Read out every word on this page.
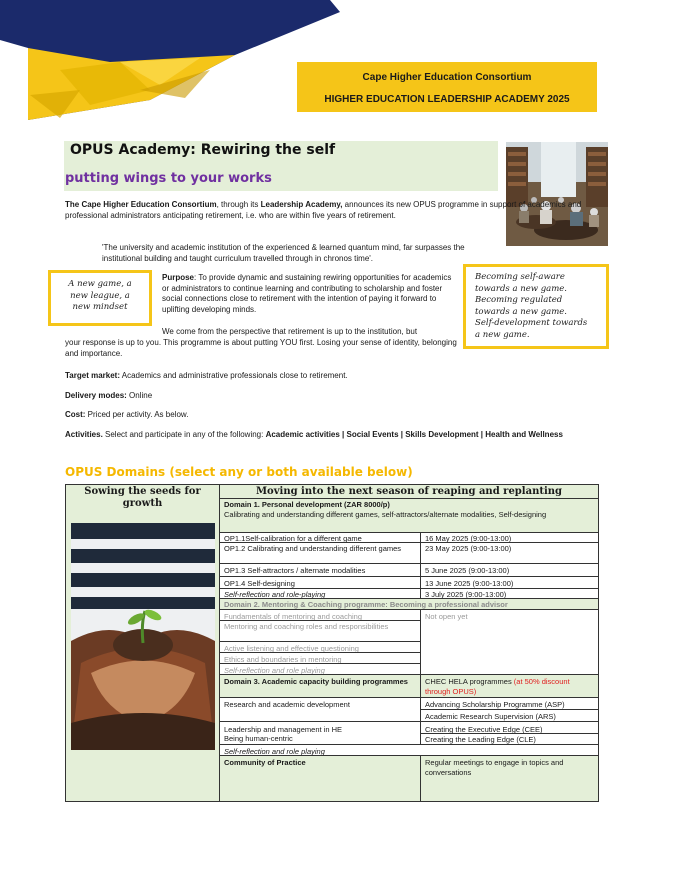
Cape Higher Education Consortium
HIGHER EDUCATION LEADERSHIP ACADEMY 2025
OPUS Academy: Rewiring the self
putting wings to your works
The Cape Higher Education Consortium, through its Leadership Academy, announces its new OPUS programme in support of academics and professional administrators anticipating retirement, i.e. who are within five years of retirement.
'The university and academic institution of the experienced & learned quantum mind, far surpasses the institutional building and taught curriculum travelled through in chronos time'.
A new game, a
new league, a
new mindset
Purpose: To provide dynamic and sustaining rewiring opportunities for academics or administrators to continue learning and contributing to scholarship and foster social connections close to retirement with the intention of paying it forward to uplifting developing minds.
Becoming self-aware
towards a new game.
Becoming regulated
towards a new game.
Self-development towards
a new game.
We come from the perspective that retirement is up to the institution, but
your response is up to you. This programme is about putting YOU first. Losing your sense of identity, belonging and importance.
Target market: Academics and administrative professionals close to retirement.
Delivery modes: Online
Cost: Priced per activity. As below.
Activities. Select and participate in any of the following: Academic activities | Social Events | Skills Development | Health and Wellness
OPUS Domains (select any or both available below)
Sowing the seeds for growth
Moving into the next season of reaping and replanting
Domain 1. Personal development (ZAR 8000/p)
Calibrating and understanding different games, self-attractors/alternate modalities, Self-designing
OP1.1Self-calibration for a different game	16 May 2025 (9:00-13:00)
OP1.2 Calibrating and understanding different games	23 May 2025 (9:00-13:00)
OP1.3 Self-attractors / alternate modalities	5 June 2025 (9:00-13:00)
OP1.4 Self-designing	13 June 2025 (9:00-13:00)
Self-reflection and role-playing	3 July 2025 (9:00-13:00)
Domain 2. Mentoring & Coaching programme: Becoming a professional advisor
Fundamentals of mentoring and coaching
Mentoring and coaching roles and responsibilities
Active listening and effective questioning
Ethics and boundaries in mentoring
Self-reflection and role playing
Not open yet
Domain 3. Academic capacity building programmes	CHEC HELA programmes (at 50% discount through OPUS)
Research and academic development	Advancing Scholarship Programme (ASP)
Academic Research Supervision (ARS)
Leadership and management in HE	Creating the Executive Edge (CEE)
Being human-centric	Creating the Leading Edge (CLE)
Self-reflection and role playing
Community of Practice	Regular meetings to engage in topics and conversations
